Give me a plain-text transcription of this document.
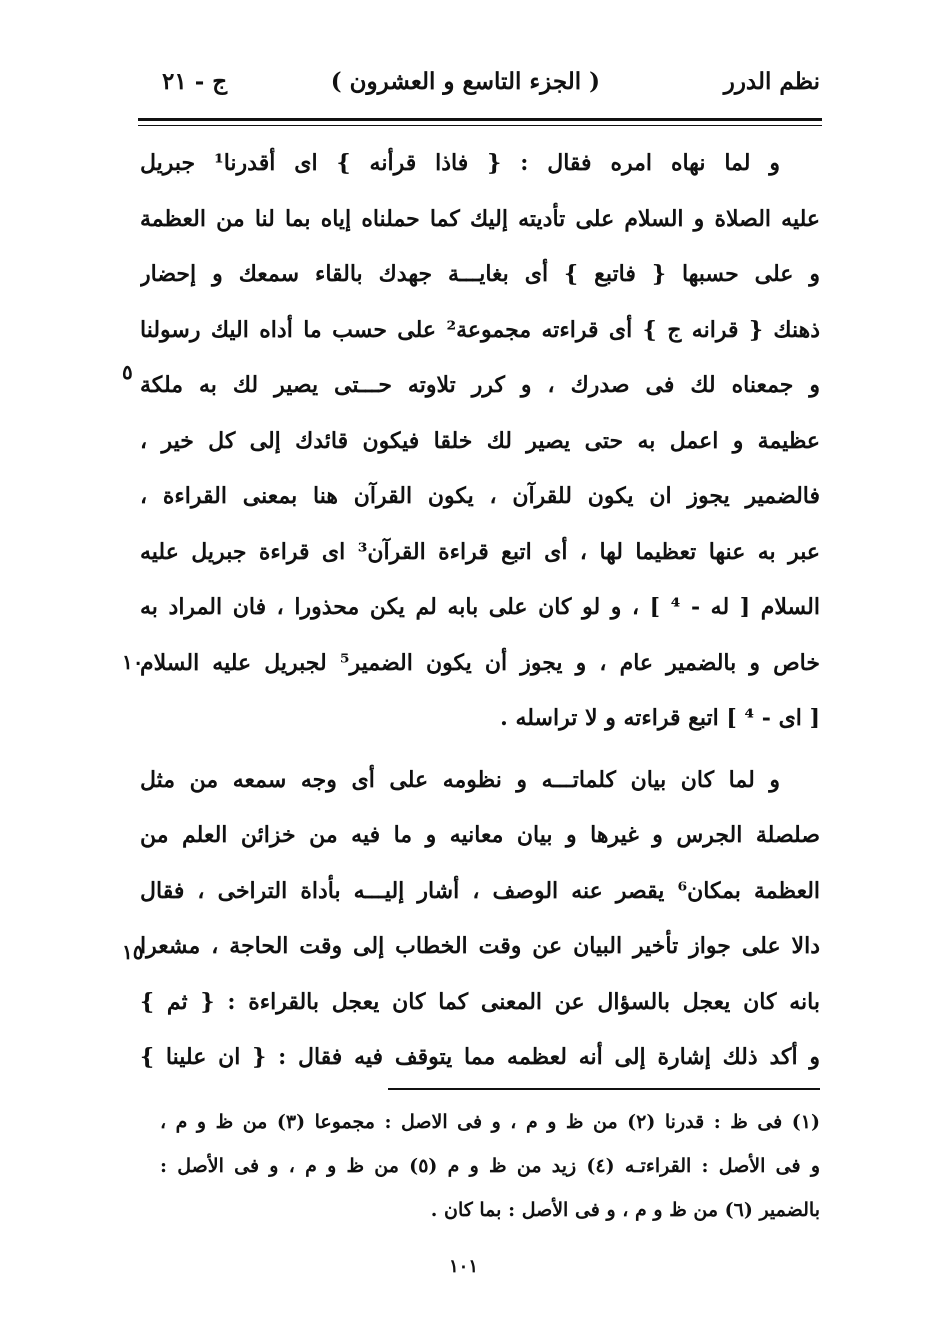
نظم الدرر
( الجزء التاسع و العشرون )
ج - ٢١
و لما نهاه امره فقال : { فاذا قرأنه } اى أقدرنا¹ جبريل
عليه الصلاة و السلام على تأديته إليك كما حملناه إياه بما لنا من العظمة
و على حسبها { فاتبع } أى بغايـــة جهدك بالقاء سمعك و إحضار
ذهنك { قرانه ج } أى قراءته مجموعة² على حسب ما أداه اليك رسولنا
و جمعناه لك فى صدرك ، و كرر تلاوته حـــتى يصير لك به ملكة
عظيمة و اعمل به حتى يصير لك خلقا فيكون قائدك إلى كل خير ،
فالضمير يجوز ان يكون للقرآن ، يكون القرآن هنا بمعنى القراءة ،
عبر به عنها تعظيما لها ، أى اتبع قراءة القرآن³ اى قراءة جبريل عليه
السلام [ له - ⁴ ] ، و لو كان على بابه لم يكن محذورا ، فان المراد به
خاص و بالضمير عام ، و يجوز أن يكون الضمير⁵ لجبريل عليه السلام
[ اى - ⁴ ] اتبع قراءته و لا تراسله .
و لما كان بيان كلماتـــه و نظومه على أى وجه سمعه من مثل
صلصلة الجرس و غيرها و بيان معانيه و ما فيه من خزائن العلم من
العظمة بمكان⁶ يقصر عنه الوصف ، أشار إليـــه بأداة التراخى ، فقال
دالا على جواز تأخير البيان عن وقت الخطاب إلى وقت الحاجة ، مشعرا
بانه كان يعجل بالسؤال عن المعنى كما كان يعجل بالقراءة : { ثم }
و أكد ذلك إشارة إلى أنه لعظمه مما يتوقف فيه فقال : { ان علينا }
٥
١٠
١٥
(١) فى ظ : قدرنا (٢) من ظ و م ، و فى الاصل : مجموعا (٣) من ظ و م ،
و فى الأصل : القراءتـه (٤) زيد من ظ و م (٥) من ظ و م ، و فى الأصل :
بالضمير (٦) من ظ و م ، و فى الأصل : بما كان .
١٠١
